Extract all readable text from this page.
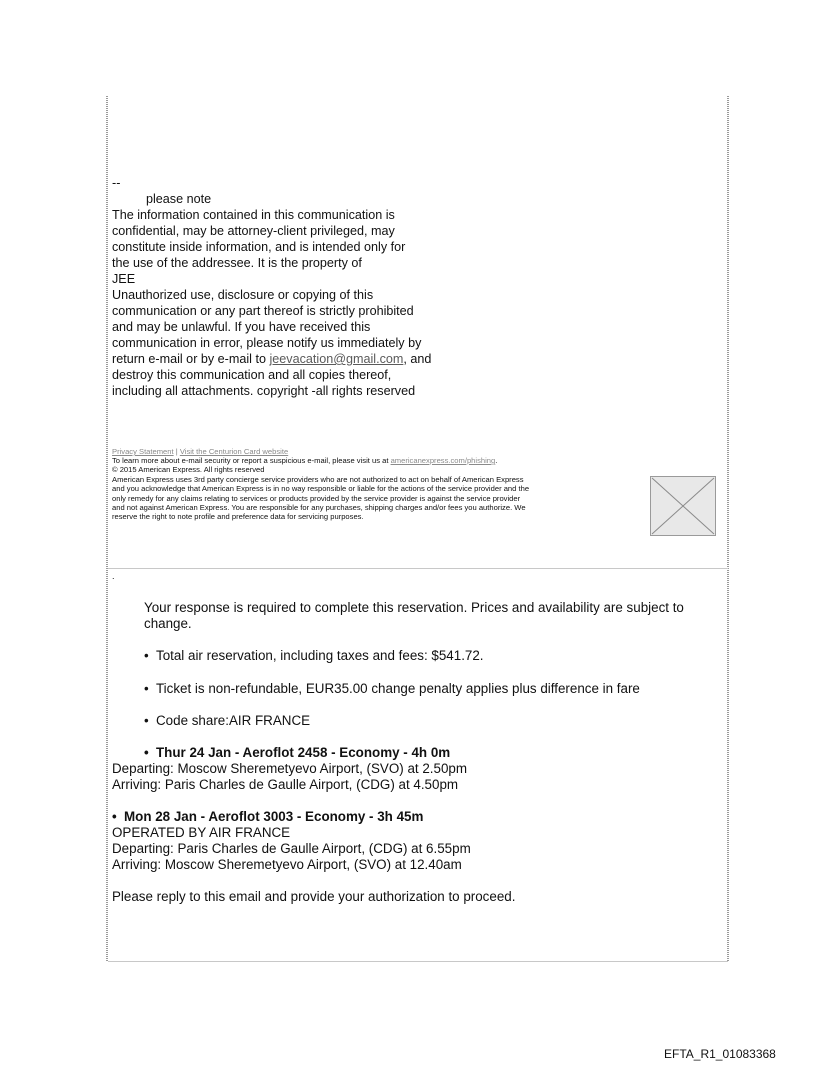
--

please note

The information contained in this communication is

confidential, may be attorney-client privileged, may

constitute inside information, and is intended only for

the use of the addressee. It is the property of

JEE

Unauthorized use, disclosure or copying of this

communication or any part thereof is strictly prohibited

and may be unlawful. If you have received this

communication in error, please notify us immediately by

return e-mail or by e-mail to jeevacation@gmail.com, and

destroy this communication and all copies thereof,

including all attachments. copyright -all rights reserved

Privacy Statement | Visit the Centurion Card website

To learn more about e-mail security or report a suspicious e-mail, please visit us at americanexpress.com/phishing.

© 2015 American Express. All rights reserved

American Express uses 3rd party concierge service providers who are not authorized to act on behalf of American Express

and you acknowledge that American Express is in no way responsible or liable for the actions of the service provider and the

only remedy for any claims relating to services or products provided by the service provider is against the service provider

and not against American Express. You are responsible for any purchases, shipping charges and/or fees you authorize. We

reserve the right to note profile and preference data for servicing purposes.

.

Your response is required to complete this reservation. Prices and availability are subject to

change.

• Total air reservation, including taxes and fees: $541.72.

• Ticket is non-refundable, EUR35.00 change penalty applies plus difference in fare

• Code share:AIR FRANCE

• Thur 24 Jan - Aeroflot 2458 - Economy - 4h 0m

Departing: Moscow Sheremetyevo Airport, (SVO) at 2.50pm

Arriving: Paris Charles de Gaulle Airport, (CDG) at 4.50pm

• Mon 28 Jan - Aeroflot 3003 - Economy - 3h 45m

OPERATED BY AIR FRANCE

Departing: Paris Charles de Gaulle Airport, (CDG) at 6.55pm

Arriving: Moscow Sheremetyevo Airport, (SVO) at 12.40am

Please reply to this email and provide your authorization to proceed.

EFTA_R1_01083368
